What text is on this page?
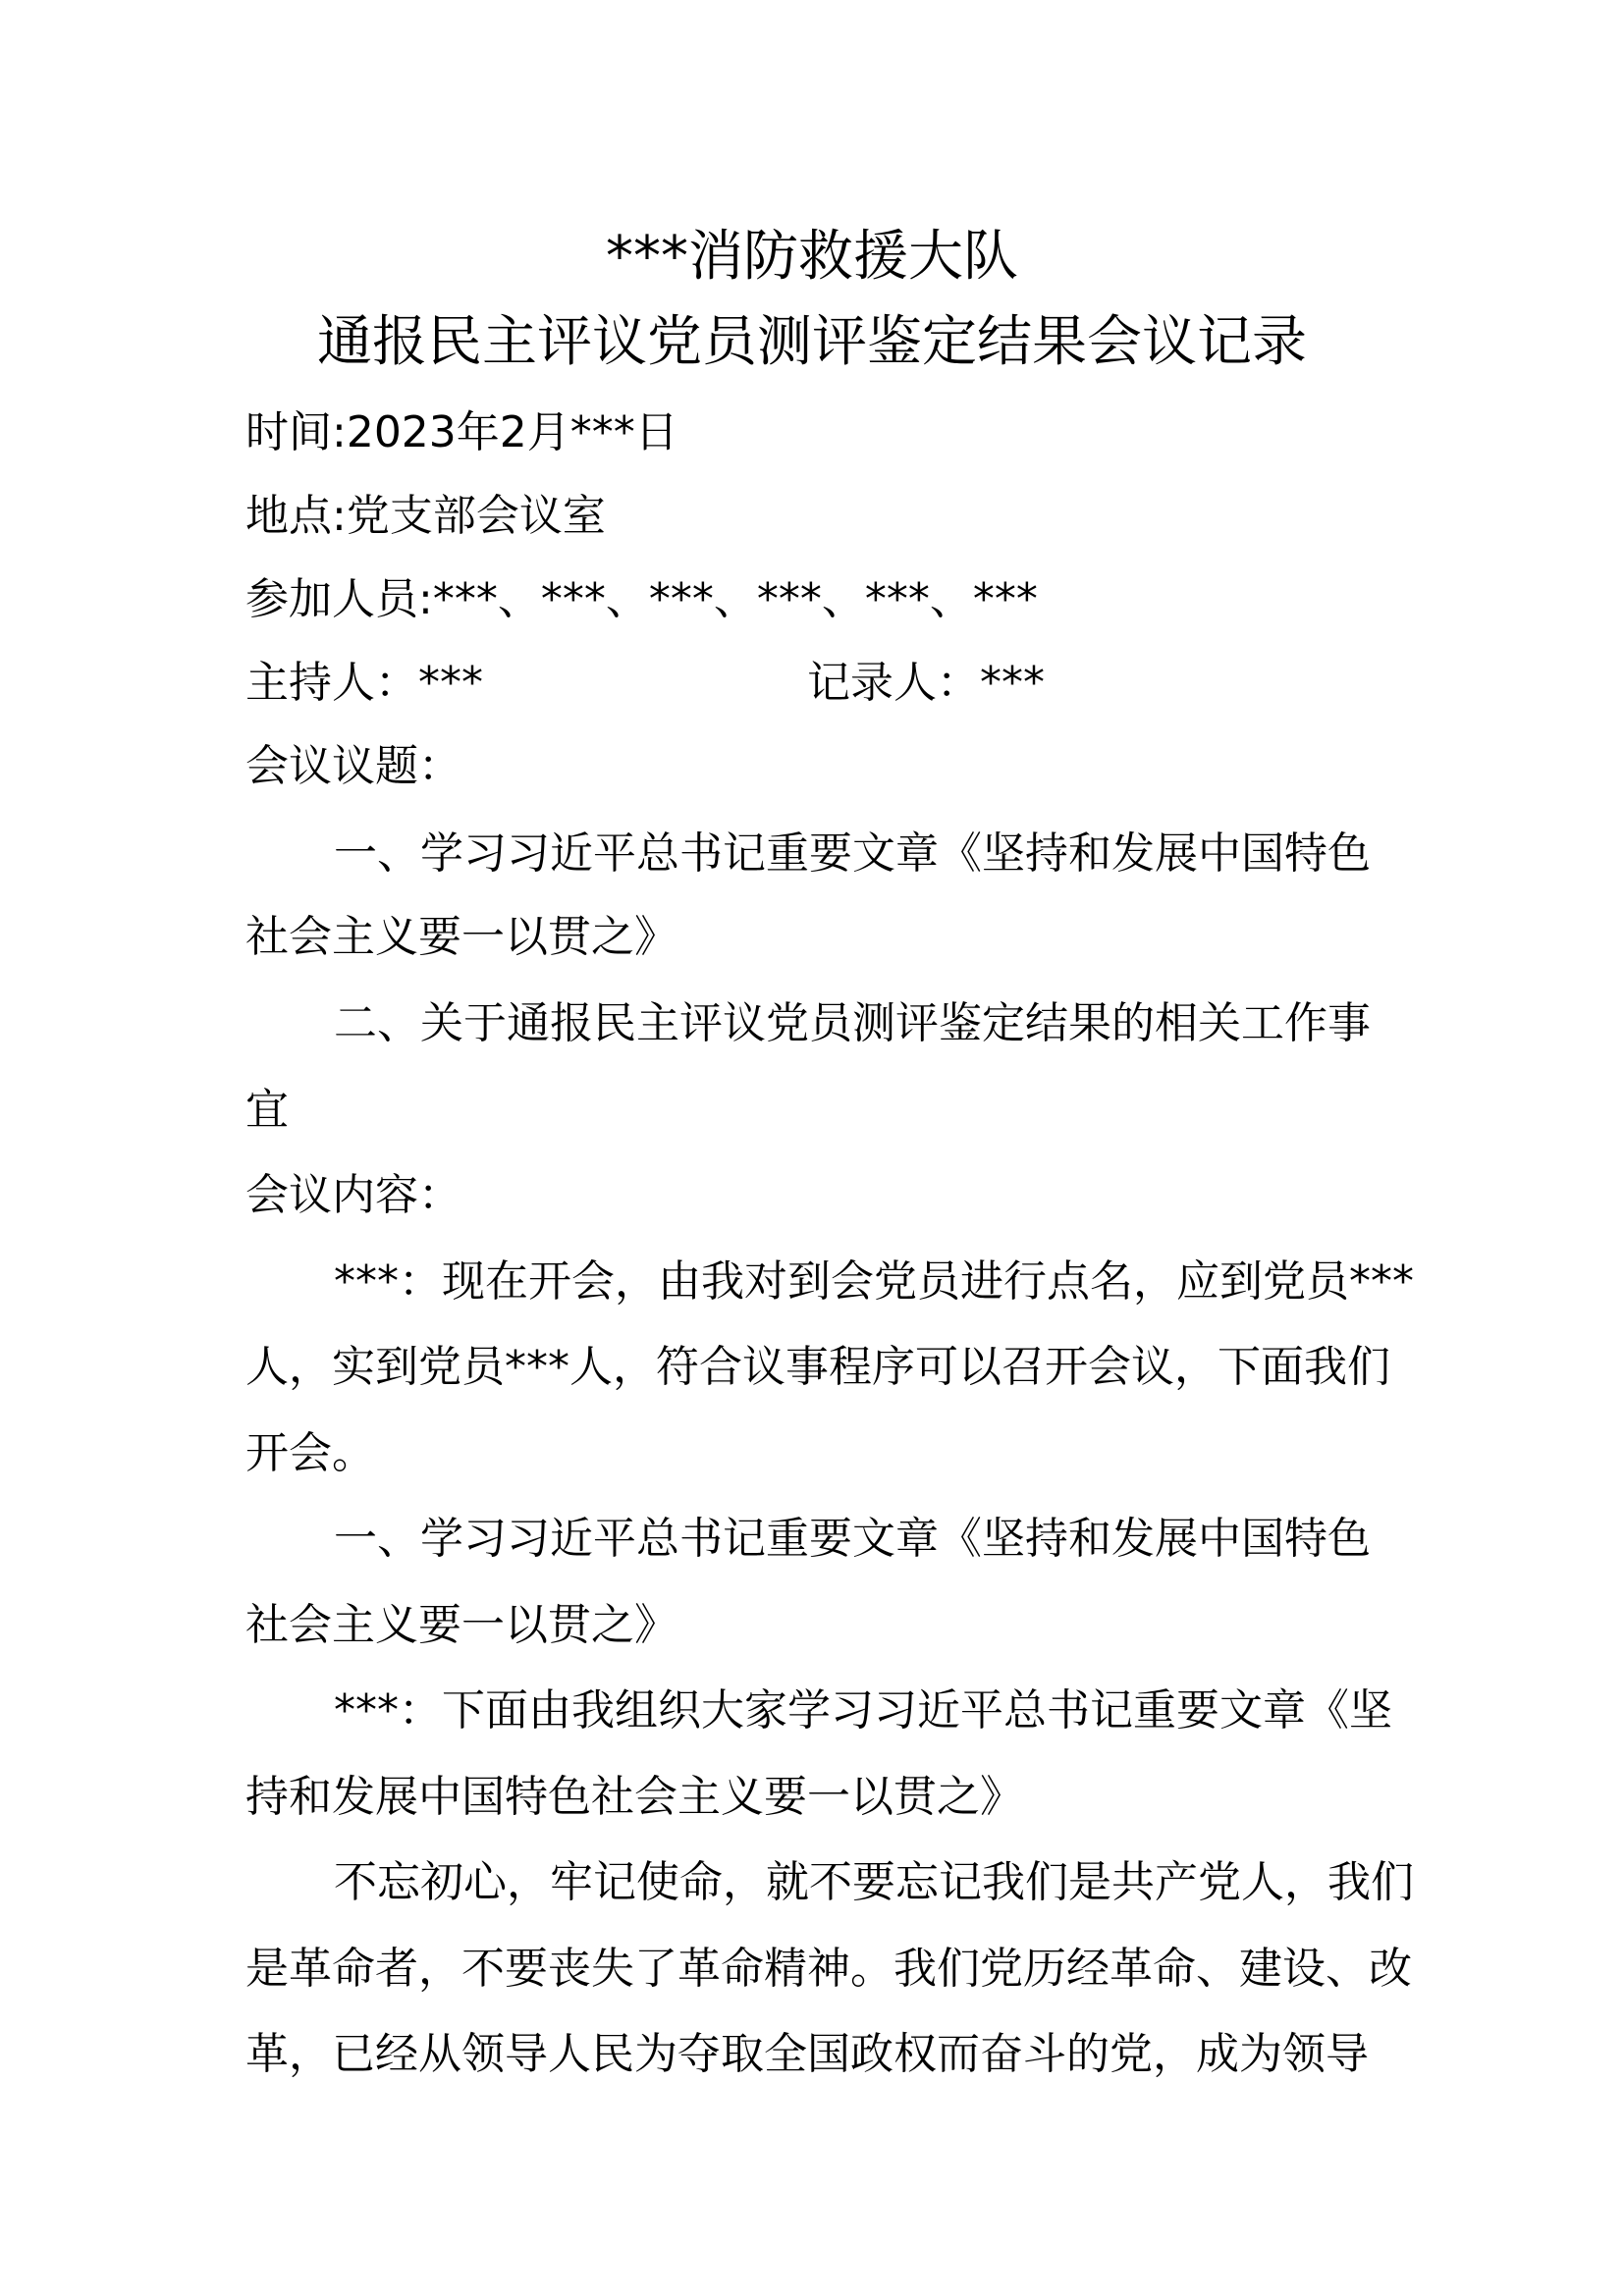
***消防救援大队
通报民主评议党员测评鉴定结果会议记录
时间:2023年2月***日
地点:党支部会议室
参加人员:***、***、***、***、***、***
主持人：***	记录人：***
会议议题：
一、学习习近平总书记重要文章《坚持和发展中国特色
社会主义要一以贯之》
二、关于通报民主评议党员测评鉴定结果的相关工作事
宜
会议内容：
***：现在开会，由我对到会党员进行点名，应到党员***
人，实到党员***人，符合议事程序可以召开会议，下面我们
开会。
一、学习习近平总书记重要文章《坚持和发展中国特色
社会主义要一以贯之》
***：下面由我组织大家学习习近平总书记重要文章《坚
持和发展中国特色社会主义要一以贯之》
不忘初心，牢记使命，就不要忘记我们是共产党人，我们
是革命者，不要丧失了革命精神。我们党历经革命、建设、改
革，已经从领导人民为夺取全国政权而奋斗的党，成为领导
